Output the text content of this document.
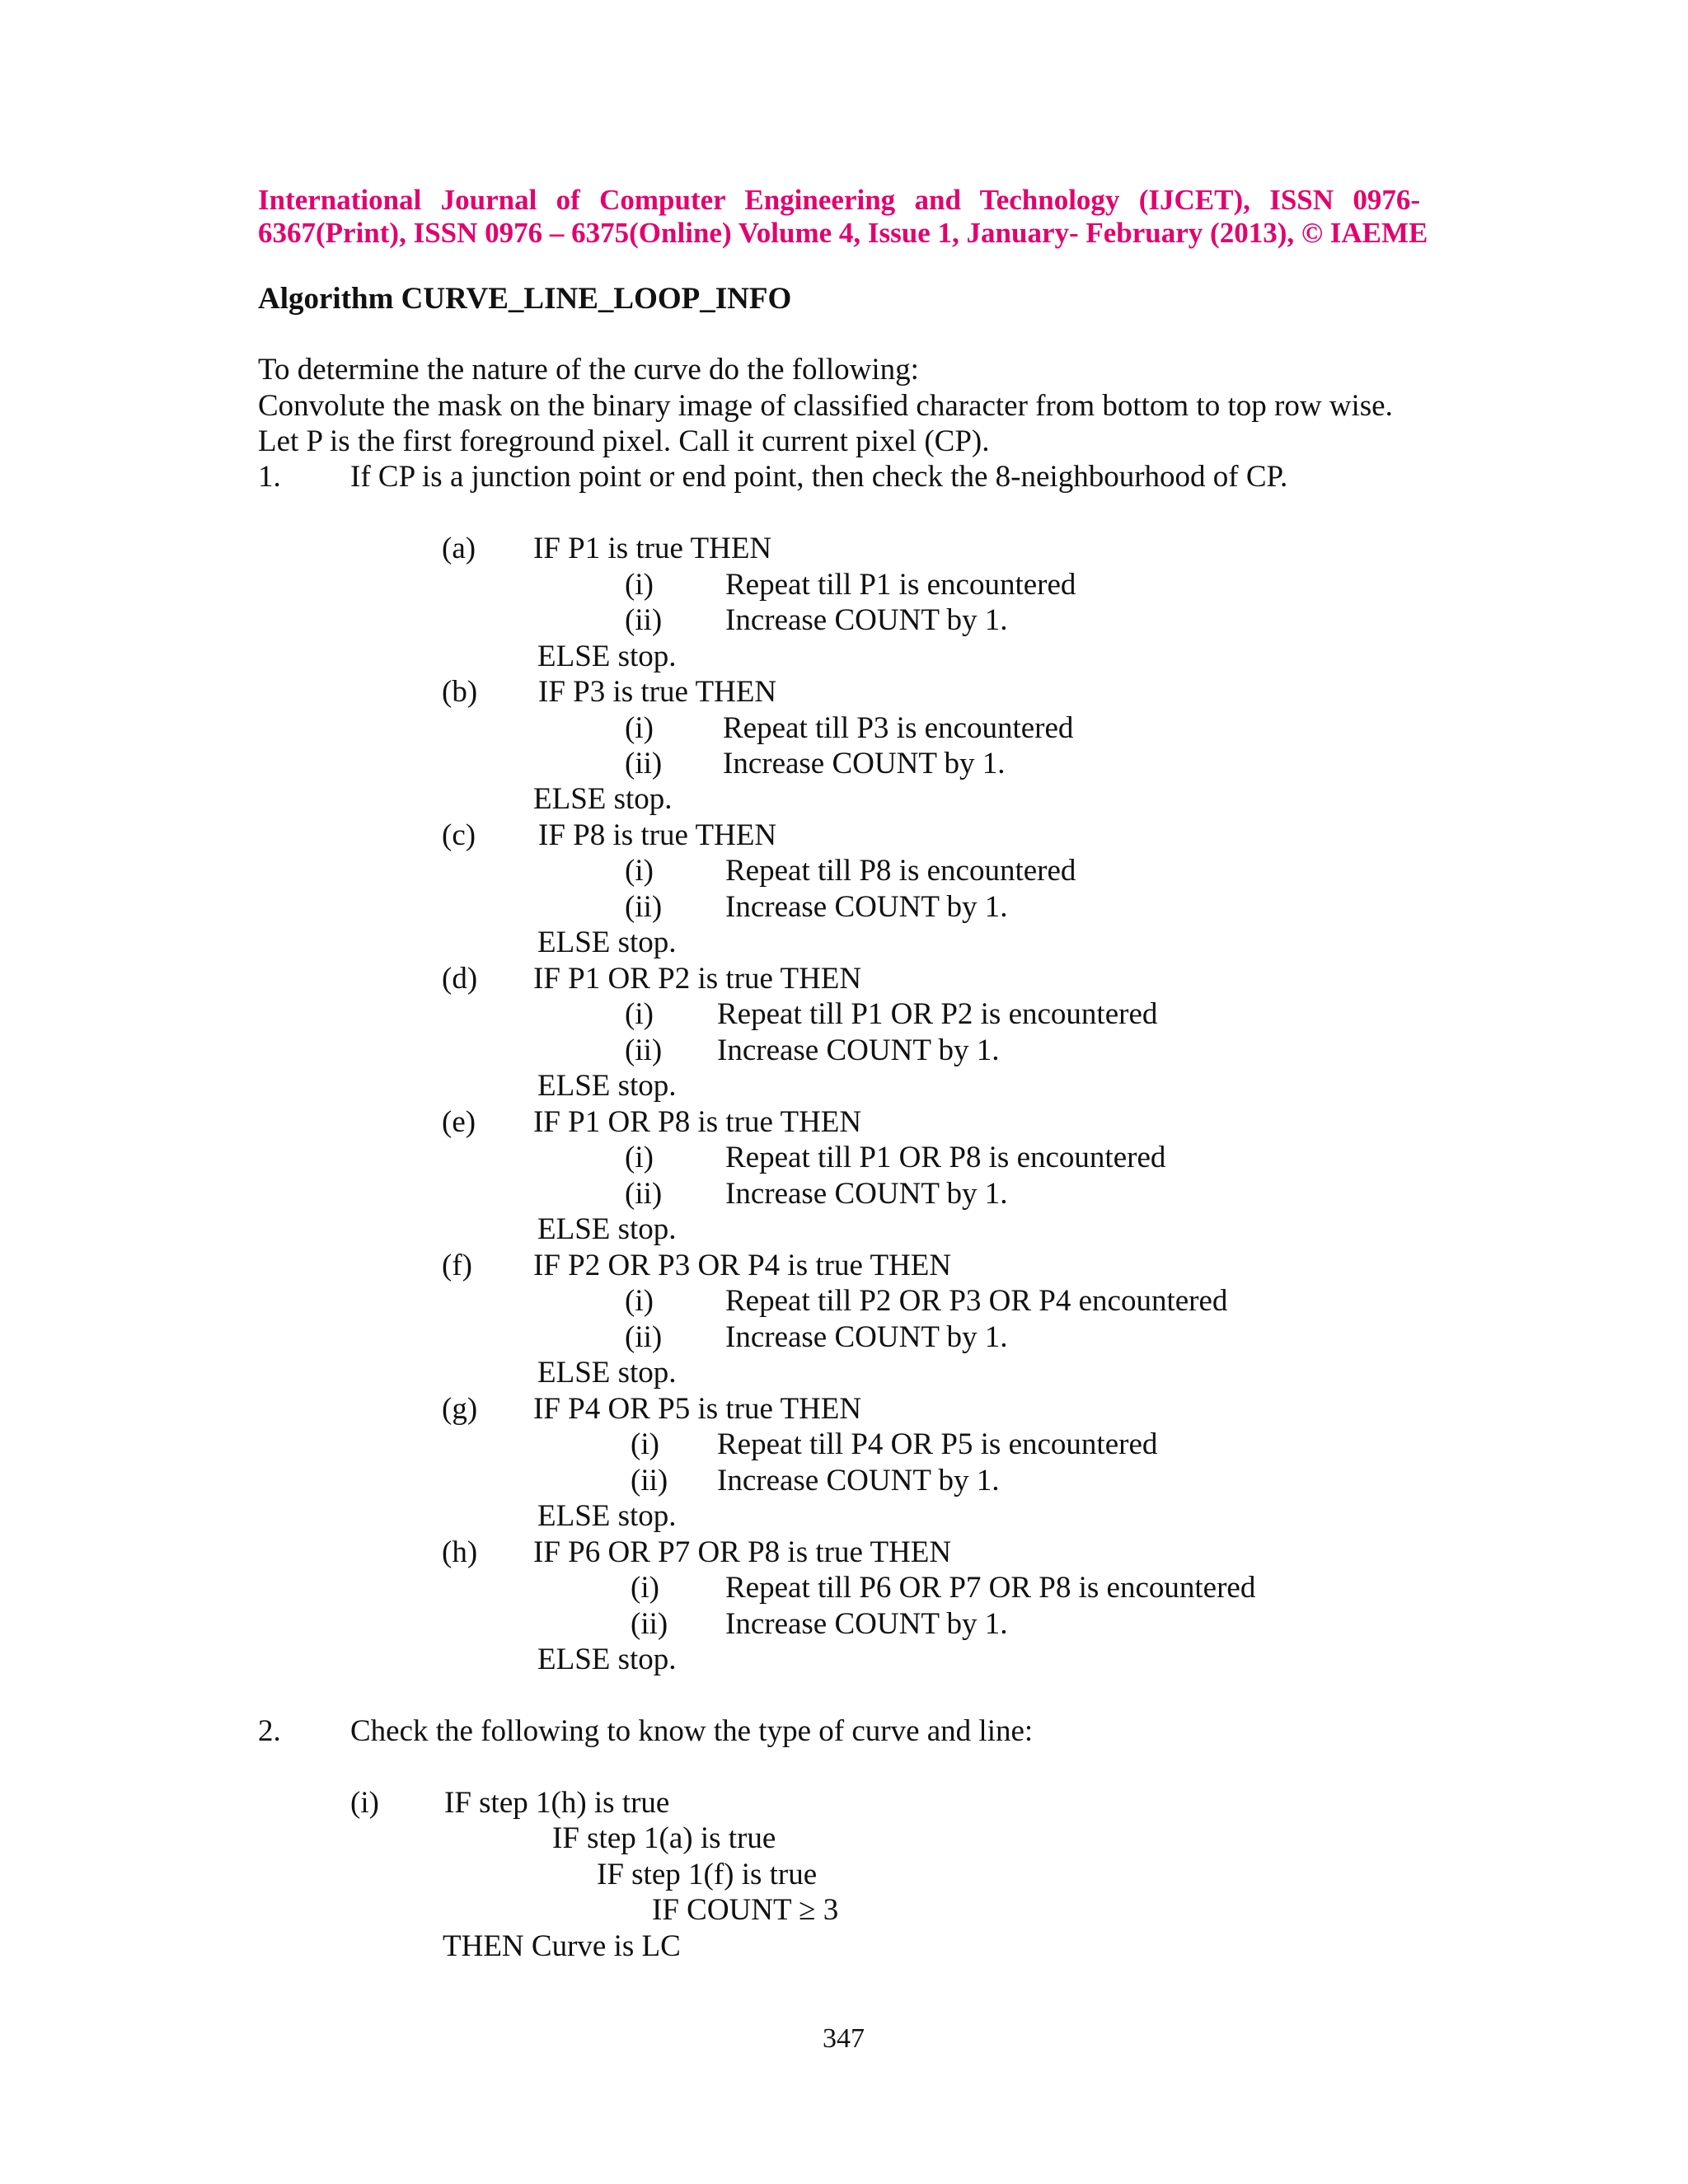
International Journal of Computer Engineering and Technology (IJCET), ISSN 0976-
6367(Print), ISSN 0976 – 6375(Online) Volume 4, Issue 1, January- February (2013), © IAEME
Algorithm CURVE_LINE_LOOP_INFO
To determine the nature of the curve do the following:
Convolute the mask on the binary image of classified character from bottom to top row wise.
Let P is the first foreground pixel. Call it current pixel (CP).
1. If CP is a junction point or end point, then check the 8-neighbourhood of CP.
(a) IF P1 is true THEN
(i) Repeat till P1 is encountered
(ii) Increase COUNT by 1.
ELSE stop.
(b) IF P3 is true THEN
(i) Repeat till P3 is encountered
(ii) Increase COUNT by 1.
ELSE stop.
(c) IF P8 is true THEN
(i) Repeat till P8 is encountered
(ii) Increase COUNT by 1.
ELSE stop.
(d) IF P1 OR P2 is true THEN
(i) Repeat till P1 OR P2 is encountered
(ii) Increase COUNT by 1.
ELSE stop.
(e) IF P1 OR P8 is true THEN
(i) Repeat till P1 OR P8 is encountered
(ii) Increase COUNT by 1.
ELSE stop.
(f) IF P2 OR P3 OR P4 is true THEN
(i) Repeat till P2 OR P3 OR P4 encountered
(ii) Increase COUNT by 1.
ELSE stop.
(g) IF P4 OR P5 is true THEN
(i) Repeat till P4 OR P5 is encountered
(ii) Increase COUNT by 1.
ELSE stop.
(h) IF P6 OR P7 OR P8 is true THEN
(i) Repeat till P6 OR P7 OR P8 is encountered
(ii) Increase COUNT by 1.
ELSE stop.
2. Check the following to know the type of curve and line:
(i) IF step 1(h) is true
IF step 1(a) is true
IF step 1(f) is true
IF COUNT ≥ 3
THEN Curve is LC
347
